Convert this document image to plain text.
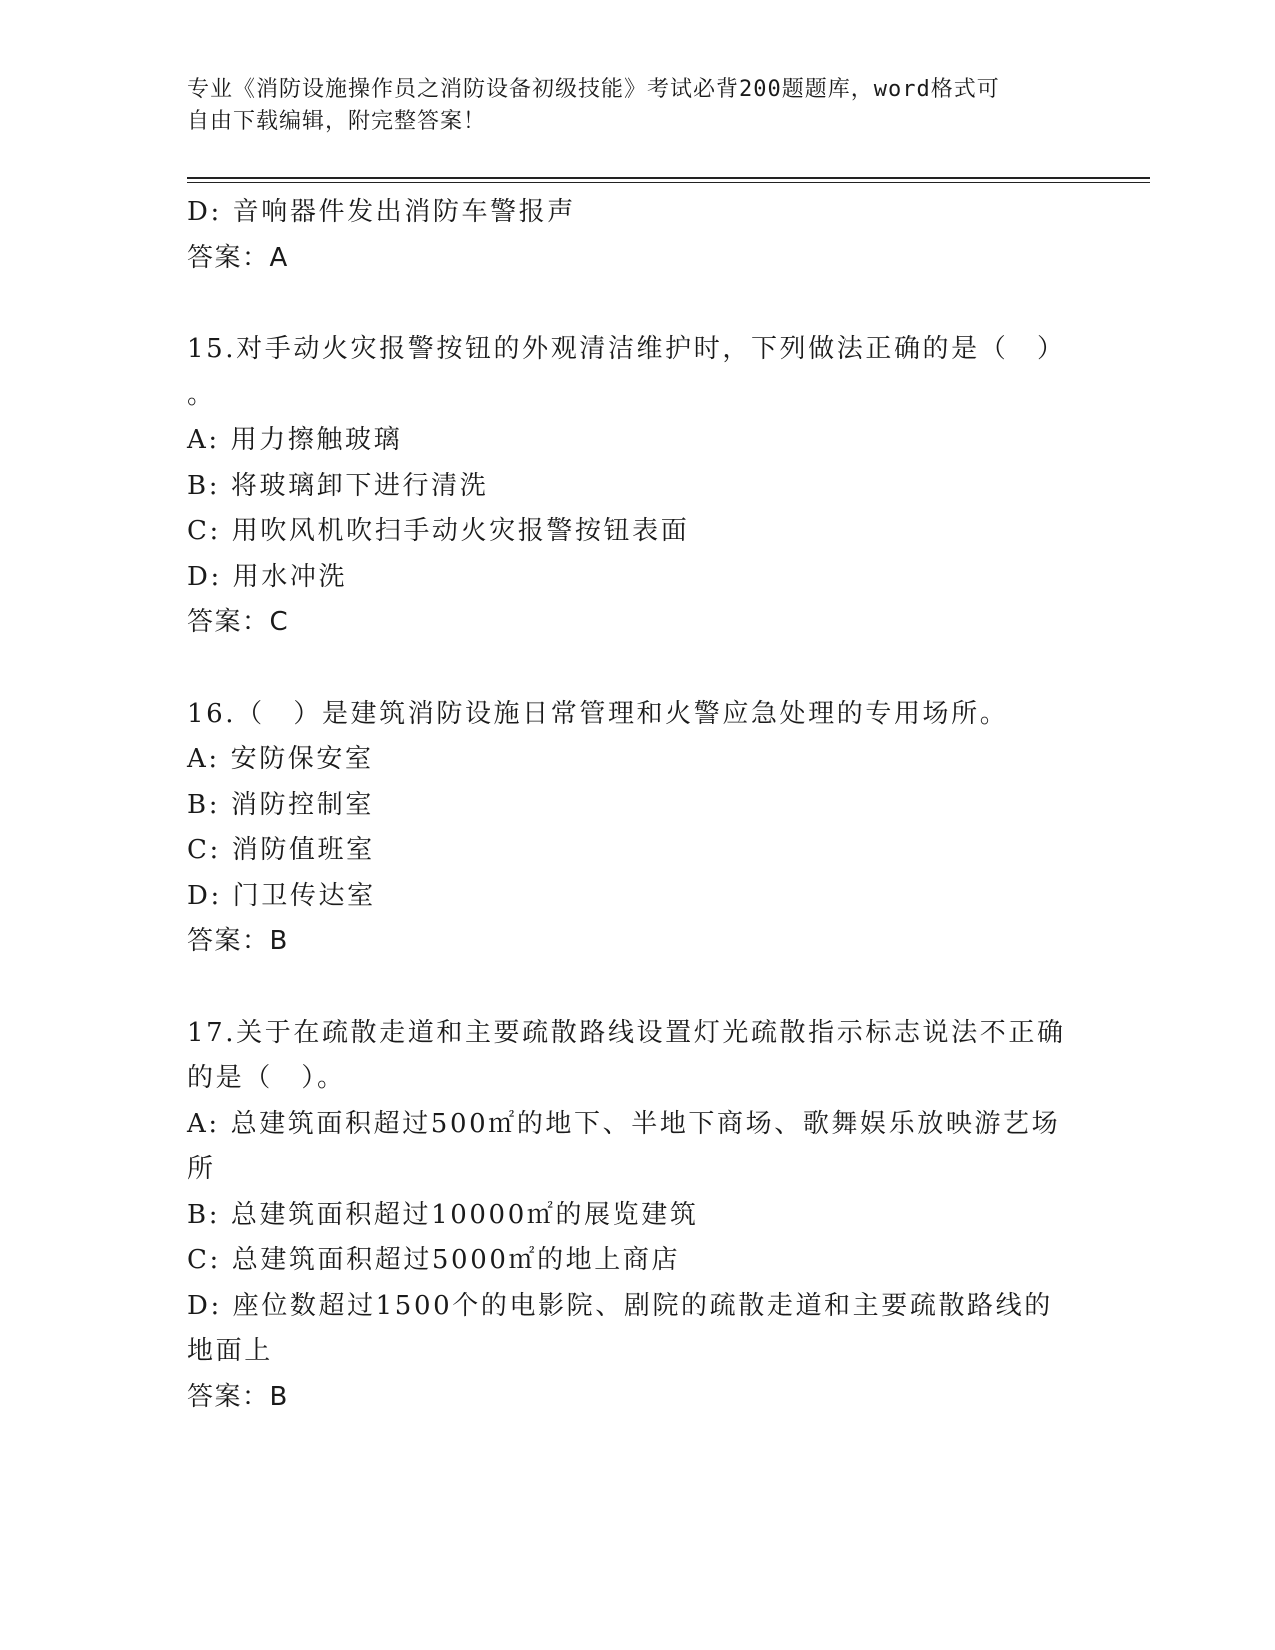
专业《消防设施操作员之消防设备初级技能》考试必背200题题库，word格式可
自由下载编辑，附完整答案！
D: 音响器件发出消防车警报声
答案：A
15.对手动火灾报警按钮的外观清洁维护时，下列做法正确的是（　）
。
A: 用力擦触玻璃
B: 将玻璃卸下进行清洗
C: 用吹风机吹扫手动火灾报警按钮表面
D: 用水冲洗
答案：C
16.（　）是建筑消防设施日常管理和火警应急处理的专用场所。
A: 安防保安室
B: 消防控制室
C: 消防值班室
D: 门卫传达室
答案：B
17.关于在疏散走道和主要疏散路线设置灯光疏散指示标志说法不正确
的是（　）。
A: 总建筑面积超过500㎡的地下、半地下商场、歌舞娱乐放映游艺场
所
B: 总建筑面积超过10000㎡的展览建筑
C: 总建筑面积超过5000㎡的地上商店
D: 座位数超过1500个的电影院、剧院的疏散走道和主要疏散路线的
地面上
答案：B
